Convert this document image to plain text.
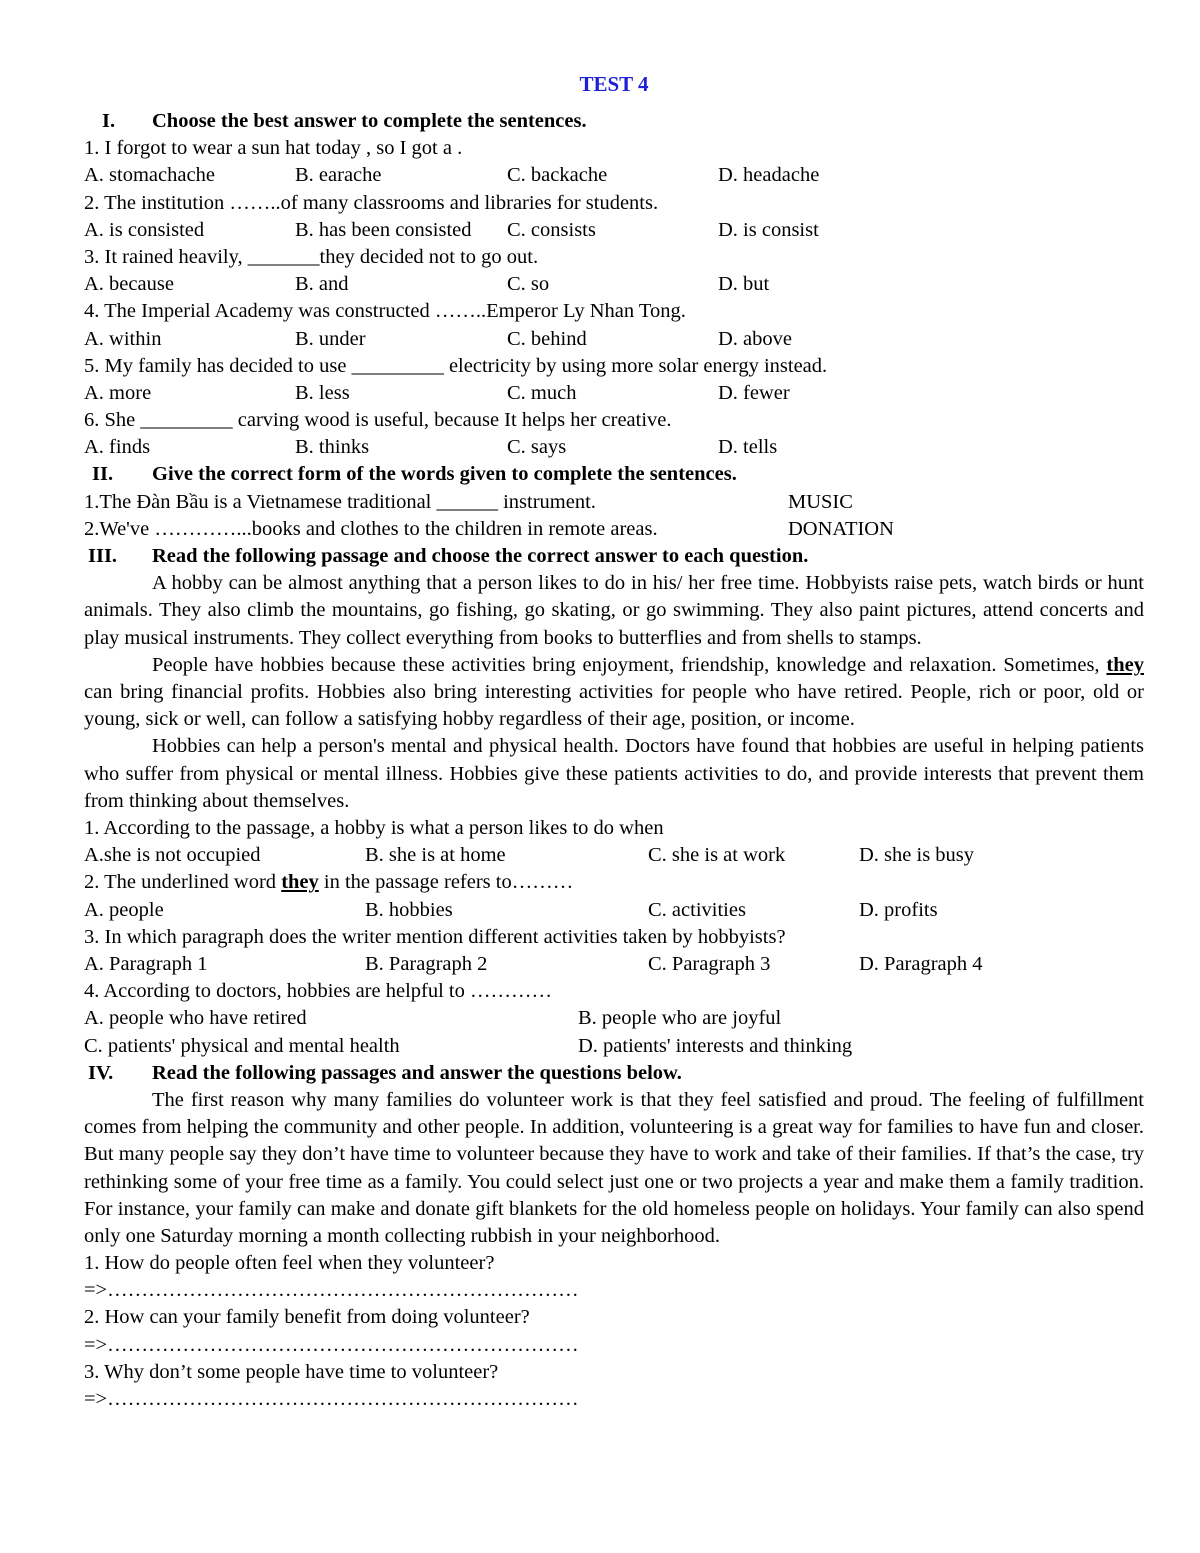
TEST 4
I. Choose the best answer to complete the sentences.
1. I forgot to wear a sun hat today , so I got a .
A. stomachache	B. earache	C. backache	D. headache
2. The institution ……..of many classrooms and libraries for students.
A. is consisted	B. has been consisted C. consists	D. is consist
3. It rained heavily, _______they decided not to go out.
A. because	B. and	C. so	D. but
4. The Imperial Academy was constructed ……..Emperor Ly Nhan Tong.
A. within	B. under	C. behind	D. above
5. My family has decided to use _________ electricity by using more solar energy instead.
A. more	B. less	C. much	D. fewer
6. She _________ carving wood is useful, because It helps her creative.
A. finds	B. thinks	C. says	D. tells
II. Give the correct form of the words given to complete the sentences.
1.The Đàn Bầu is a Vietnamese traditional ______ instrument.	MUSIC
2.We've …………...books and clothes to the children in remote areas.	DONATION
III. Read the following passage and choose the correct answer to each question.

A hobby can be almost anything that a person likes to do in his/ her free time. Hobbyists raise pets, watch birds or hunt animals. They also climb the mountains, go fishing, go skating, or go swimming. They also paint pictures, attend concerts and play musical instruments. They collect everything from books to butterflies and from shells to stamps.

People have hobbies because these activities bring enjoyment, friendship, knowledge and relaxation. Sometimes, they can bring financial profits. Hobbies also bring interesting activities for people who have retired. People, rich or poor, old or young, sick or well, can follow a satisfying hobby regardless of their age, position, or income.

Hobbies can help a person's mental and physical health. Doctors have found that hobbies are useful in helping patients who suffer from physical or mental illness. Hobbies give these patients activities to do, and provide interests that prevent them from thinking about themselves.

1. According to the passage, a hobby is what a person likes to do when
A.she is not occupied	B. she is at home	C. she is at work	D. she is busy
2. The underlined word they in the passage refers to………
A. people	B. hobbies	C. activities	D. profits
3. In which paragraph does the writer mention different activities taken by hobbyists?
A. Paragraph 1	B. Paragraph 2	C. Paragraph 3	D. Paragraph 4
4. According to doctors, hobbies are helpful to …………
A. people who have retired	B. people who are joyful
C. patients' physical and mental health	D. patients' interests and thinking
IV. Read the following passages and answer the questions below.

The first reason why many families do volunteer work is that they feel satisfied and proud. The feeling of fulfillment comes from helping the community and other people. In addition, volunteering is a great way for families to have fun and closer. But many people say they don’t have time to volunteer because they have to work and take of their families. If that’s the case, try rethinking some of your free time as a family. You could select just one or two projects a year and make them a family tradition. For instance, your family can make and donate gift blankets for the old homeless people on holidays. Your family can also spend only one Saturday morning a month collecting rubbish in your neighborhood.

1. How do people often feel when they volunteer?
=>……………………………………………………………
2. How can your family benefit from doing volunteer?
=>……………………………………………………………
3. Why don’t some people have time to volunteer?
=>……………………………………………………………
